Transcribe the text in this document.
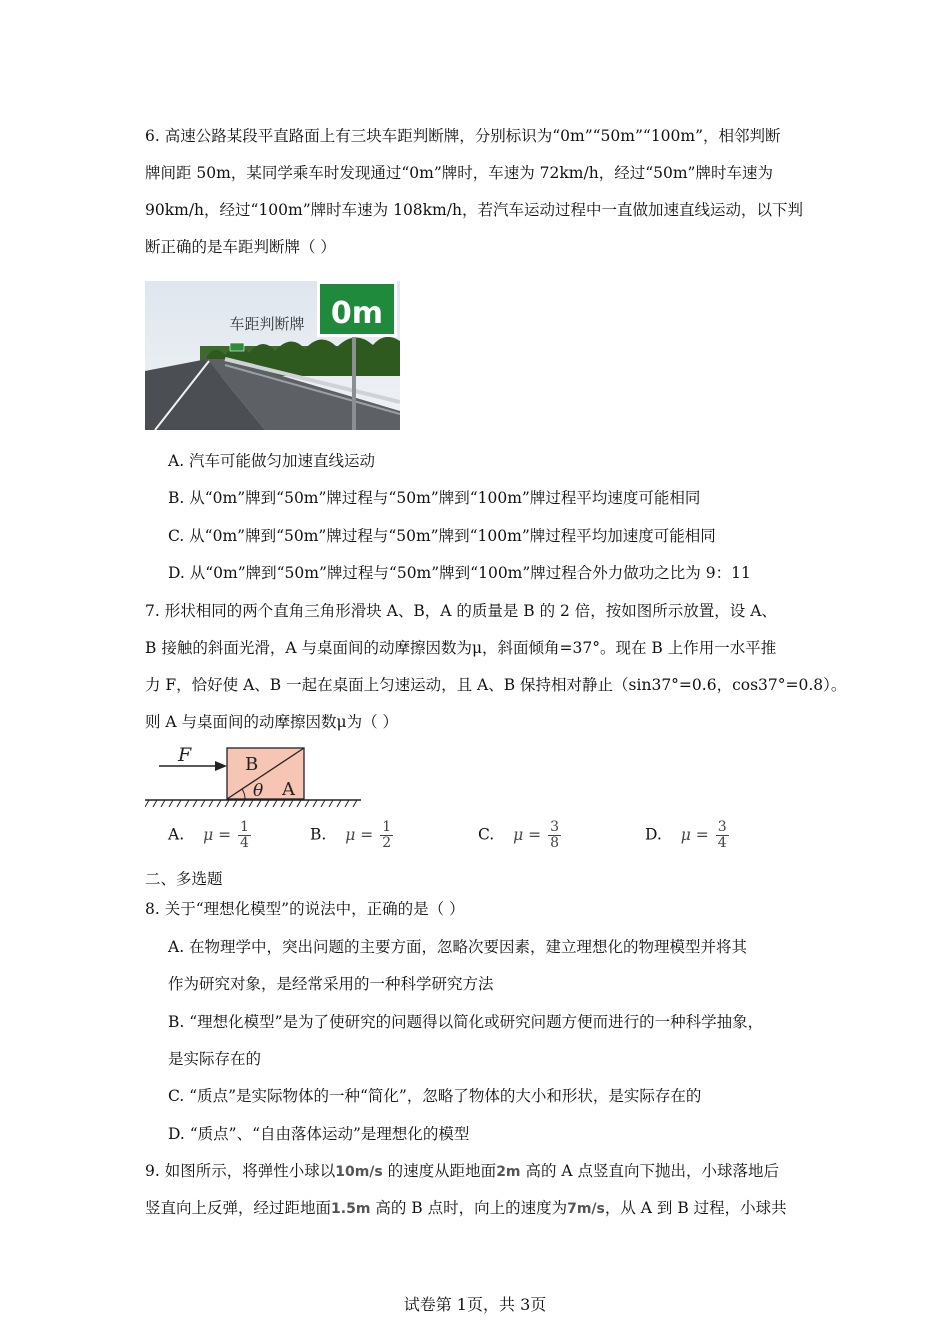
6. 高速公路某段平直路面上有三块车距判断牌，分别标识为“0m”“50m”“100m”，相邻判断
牌间距 50m，某同学乘车时发现通过“0m”牌时，车速为 72km/h，经过“50m”牌时车速为
90km/h，经过“100m”牌时车速为 108km/h，若汽车运动过程中一直做加速直线运动，以下判
断正确的是车距判断牌（ ）
0m
车距判断牌
A. 汽车可能做匀加速直线运动
B. 从“0m”牌到“50m”牌过程与“50m”牌到“100m”牌过程平均速度可能相同
C. 从“0m”牌到“50m”牌过程与“50m”牌到“100m”牌过程平均加速度可能相同
D. 从“0m”牌到“50m”牌过程与“50m”牌到“100m”牌过程合外力做功之比为 9：11
7. 形状相同的两个直角三角形滑块 A、B，A 的质量是 B 的 2 倍，按如图所示放置，设 A、
B 接触的斜面光滑，A 与桌面间的动摩擦因数为μ，斜面倾角=37°。现在 B 上作用一水平推
力 F，恰好使 A、B 一起在桌面上匀速运动，且 A、B 保持相对静止（sin37°=0.6，cos37°=0.8）。
则 A 与桌面间的动摩擦因数μ为（ ）
F	B
A
θ
A. $\mu = \frac{1}{4}$	B. $\mu = \frac{1}{2}$	C. $\mu = \frac{3}{8}$	D. $\mu = \frac{3}{4}$
二、多选题
8. 关于“理想化模型”的说法中，正确的是（ ）
A. 在物理学中，突出问题的主要方面，忽略次要因素，建立理想化的物理模型并将其
作为研究对象，是经常采用的一种科学研究方法
B. “理想化模型”是为了使研究的问题得以简化或研究问题方便而进行的一种科学抽象，
是实际存在的
C. “质点”是实际物体的一种“简化”，忽略了物体的大小和形状，是实际存在的
D. “质点”、“自由落体运动”是理想化的模型
9. 如图所示，将弹性小球以10m/s 的速度从距地面2m 高的 A 点竖直向下抛出，小球落地后
竖直向上反弹，经过距地面1.5m 高的 B 点时，向上的速度为7m/s，从 A 到 B 过程，小球共
试卷第 1页，共 3页
